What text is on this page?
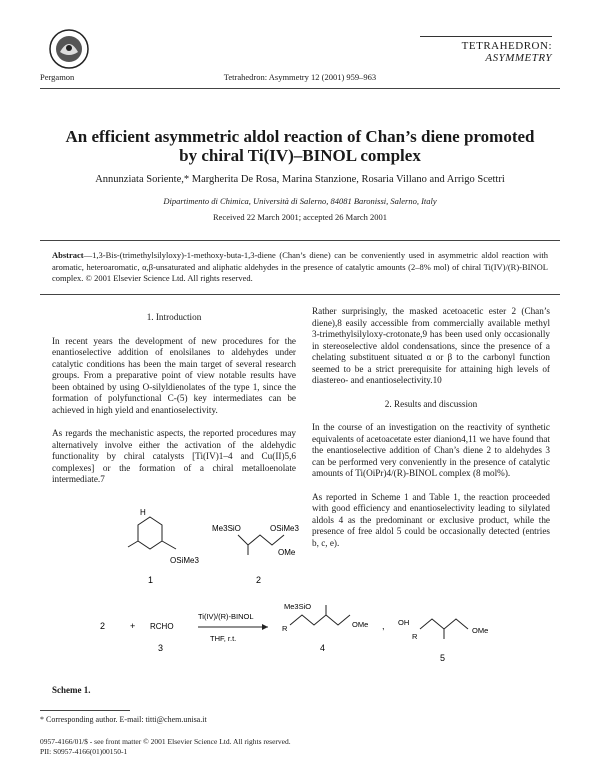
Pergamon	Tetrahedron: Asymmetry 12 (2001) 959–963
TETRAHEDRON:
ASYMMETRY
An efficient asymmetric aldol reaction of Chan’s diene promoted
by chiral Ti(IV)–BINOL complex
Annunziata Soriente,* Margherita De Rosa, Marina Stanzione, Rosaria Villano and Arrigo Scettri
Dipartimento di Chimica, Università di Salerno, 84081 Baronissi, Salerno, Italy
Received 22 March 2001; accepted 26 March 2001
Abstract—1,3-Bis-(trimethylsilyloxy)-1-methoxy-buta-1,3-diene (Chan’s diene) can be conveniently used in asymmetric aldol reaction with aromatic, heteroaromatic, α,β-unsaturated and aliphatic aldehydes in the presence of catalytic amounts (2–8% mol) of chiral Ti(IV)/(R)-BINOL complex. © 2001 Elsevier Science Ltd. All rights reserved.

1. Introduction

In recent years the development of new procedures for the enantioselective addition of enolsilanes to aldehydes under catalytic conditions has been the main target of several research groups. From a preparative point of view notable results have been obtained by using O-silyldienolates of the type 1, since the formation of polyfunctional C-(5) key intermediates can be achieved in high yield and enantioselectivity.

As regards the mechanistic aspects, the reported procedures may alternatively involve either the activation of the aldehydic functionality by chiral catalysts [Ti(IV)1–4 and Cu(II)5,6 complexes] or the formation of a chiral metalloenolate intermediate.7

Rather surprisingly, the masked acetoacetic ester 2 (Chan’s diene),8 easily accessible from commercially available methyl 3-trimethylsilyloxy-crotonate,9 has been used only occasionally in stereoselective aldol condensations, since the presence of a chelating substituent situated α or β to the carbonyl function seemed to be a strict prerequisite for attaining high levels of diastereo- and enantioselectivity.10

2. Results and discussion

In the course of an investigation on the reactivity of synthetic equivalents of acetoacetate ester dianion4,11 we have found that the enantioselective addition of Chan’s diene 2 to aldehydes 3 can be performed very conveniently in the presence of catalytic amounts of Ti(OiPr)4/(R)-BINOL complex (8 mol%).

As reported in Scheme 1 and Table 1, the reaction proceeded with good efficiency and enantioselectivity leading to silylated aldols 4 as the predominant or exclusive product, while the presence of free aldol 5 could be occasionally detected (entries b, c, e).

H
OSiMe3
1
Me3SiO	OSiMe3
OMe
2
2	+ RCHO
3
Ti(IV)/(R)-BINOL
THF, r.t.
Me3SiO
R	OMe
4
, OH
R
OMe
5
Scheme 1.
* Corresponding author. E-mail: titti@chem.unisa.it
0957-4166/01/$ - see front matter © 2001 Elsevier Science Ltd. All rights reserved.
PII: S0957-4166(01)00150-1
